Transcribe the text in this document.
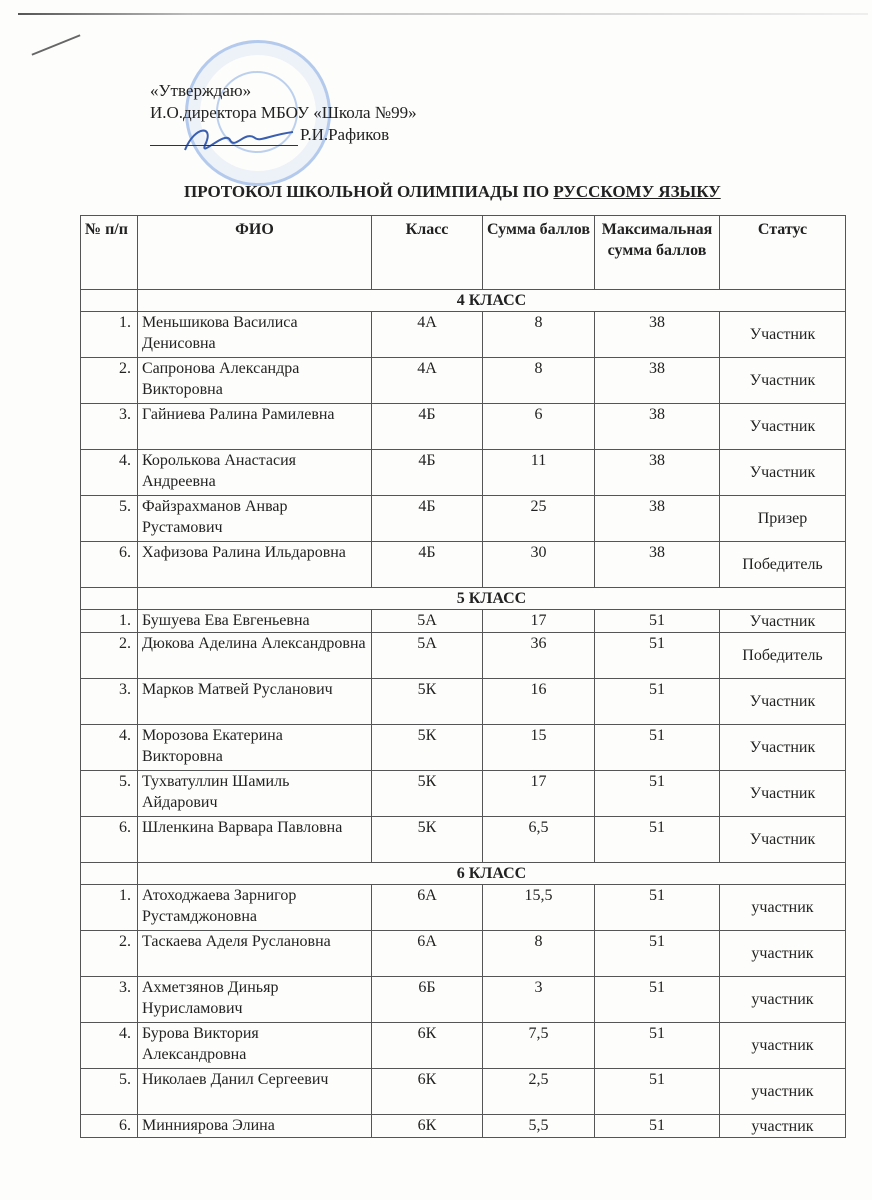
«Утверждаю»
И.О.директора МБОУ «Школа №99»
Р.И.Рафиков
ПРОТОКОЛ ШКОЛЬНОЙ ОЛИМПИАДЫ ПО РУССКОМУ ЯЗЫКУ
№ п/п	ФИО	Класс	Сумма баллов	Максимальная сумма баллов	Статус
	4 КЛАСС				
1.	Меньшикова Василиса Денисовна	4А	8	38	Участник
2.	Сапронова Александра Викторовна	4А	8	38	Участник
3.	Гайниева Ралина Рамилевна	4Б	6	38	Участник
4.	Королькова Анастасия Андреевна	4Б	11	38	Участник
5.	Файзрахманов Анвар Рустамович	4Б	25	38	Призер
6.	Хафизова Ралина Ильдаровна	4Б	30	38	Победитель
	5 КЛАСС				
1.	Бушуева Ева Евгеньевна	5А	17	51	Участник
2.	Дюкова Аделина Александровна	5А	36	51	Победитель
3.	Марков Матвей Русланович	5К	16	51	Участник
4.	Морозова Екатерина Викторовна	5К	15	51	Участник
5.	Тухватуллин Шамиль Айдарович	5К	17	51	Участник
6.	Шленкина Варвара Павловна	5К	6,5	51	Участник
	6 КЛАСС				
1.	Атоходжаева Зарнигор Рустамджоновна	6А	15,5	51	участник
2.	Таскаева Аделя Руслановна	6А	8	51	участник
3.	Ахметзянов Диньяр Нурисламович	6Б	3	51	участник
4.	Бурова Виктория Александровна	6К	7,5	51	участник
5.	Николаев Данил Сергеевич	6К	2,5	51	участник
6.	Минниярова Элина	6К	5,5	51	участник
